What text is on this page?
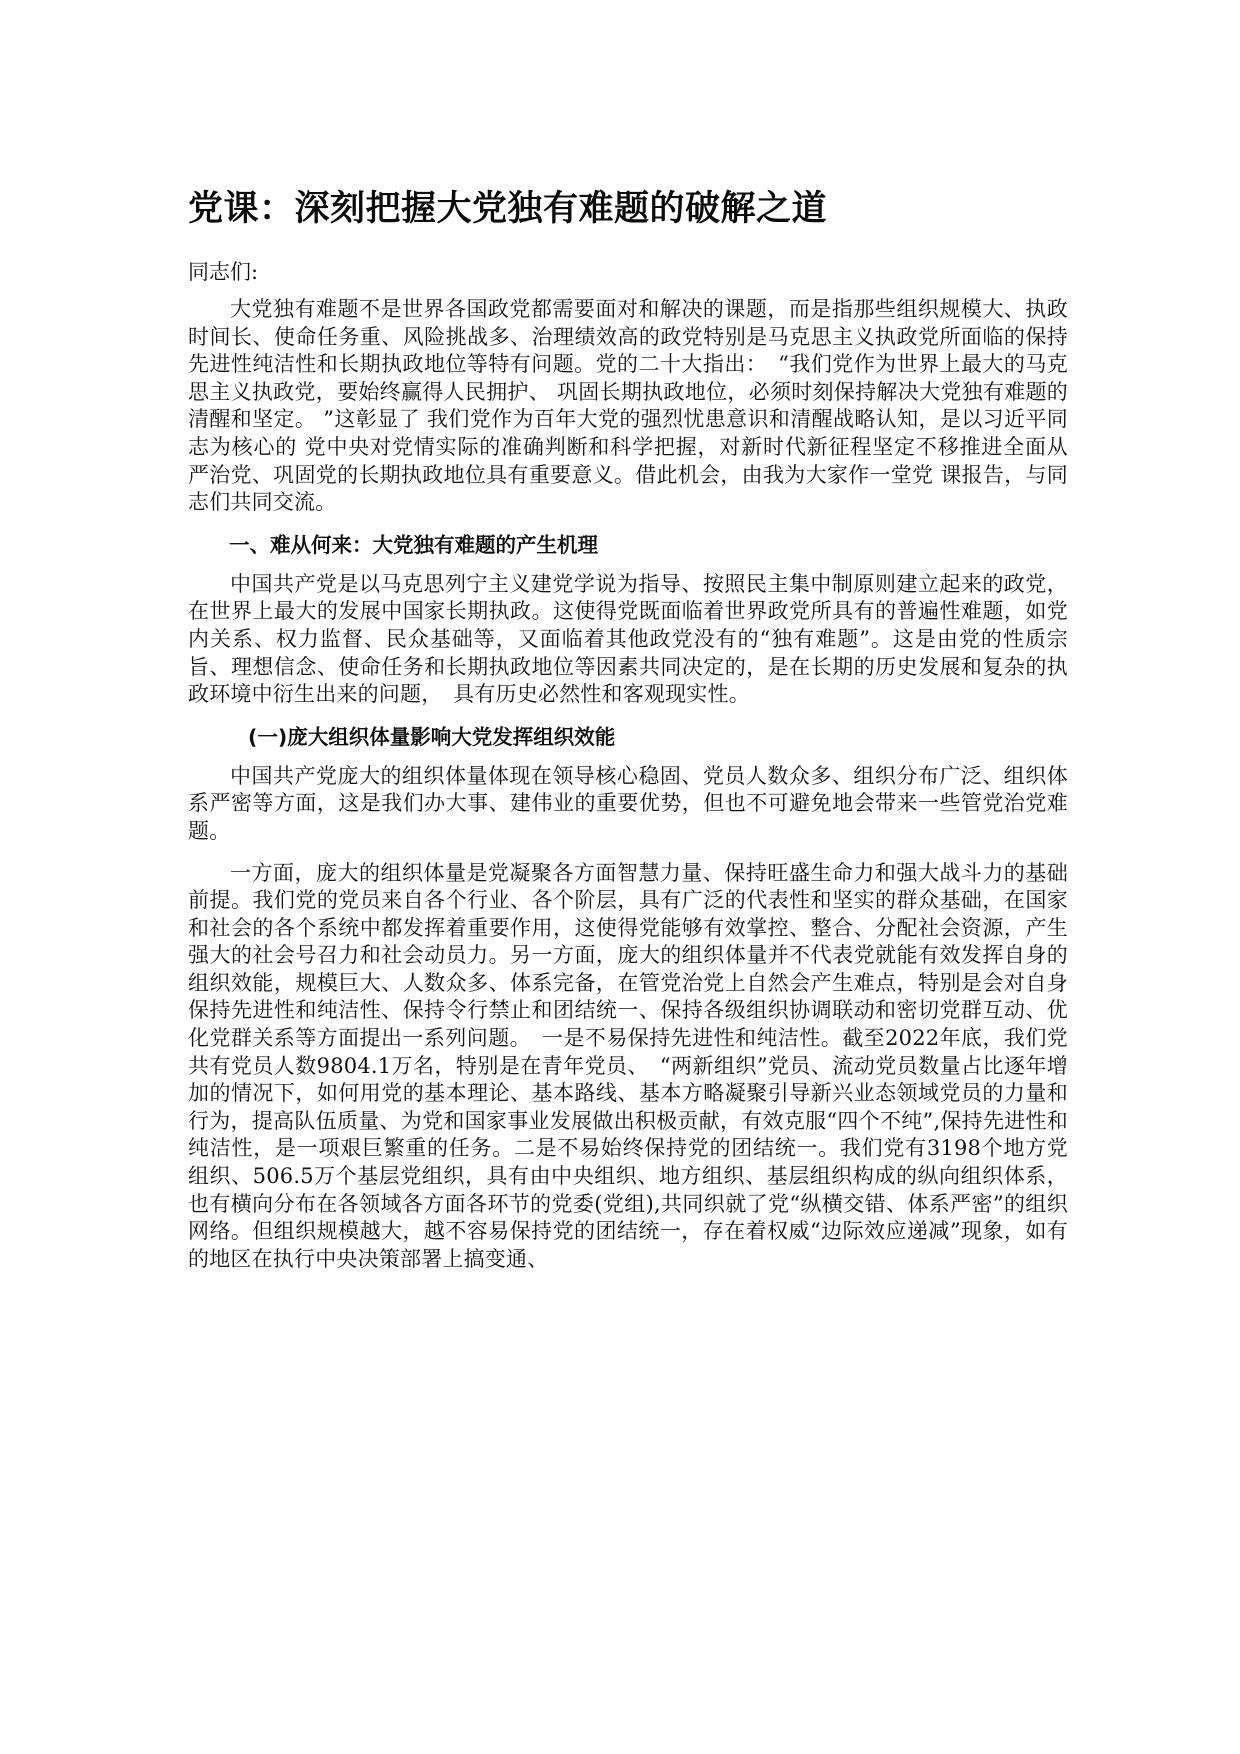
党课：深刻把握大党独有难题的破解之道

同志们:

大党独有难题不是世界各国政党都需要面对和解决的课题，而是指那些组织规模大、执政时间长、使命任务重、风险挑战多、治理绩效高的政党特别是马克思主义执政党所面临的保持先进性纯洁性和长期执政地位等特有问题。党的二十大指出：　“我们党作为世界上最大的马克思主义执政党，要始终赢得人民拥护、 巩固长期执政地位，必须时刻保持解决大党独有难题的清醒和坚定。 ”这彰显了 我们党作为百年大党的强烈忧患意识和清醒战略认知，是以习近平同志为核心的 党中央对党情实际的准确判断和科学把握，对新时代新征程坚定不移推进全面从 严治党、巩固党的长期执政地位具有重要意义。借此机会，由我为大家作一堂党 课报告，与同志们共同交流。

一、难从何来：大党独有难题的产生机理

中国共产党是以马克思列宁主义建党学说为指导、按照民主集中制原则建立起来的政党，在世界上最大的发展中国家长期执政。这使得党既面临着世界政党所具有的普遍性难题，如党内关系、权力监督、民众基础等，又面临着其他政党没有的“独有难题”。这是由党的性质宗旨、理想信念、使命任务和长期执政地位等因素共同决定的，是在长期的历史发展和复杂的执政环境中衍生出来的问题，　具有历史必然性和客观现实性。

(一)庞大组织体量影响大党发挥组织效能

中国共产党庞大的组织体量体现在领导核心稳固、党员人数众多、组织分布广泛、组织体系严密等方面，这是我们办大事、建伟业的重要优势，但也不可避免地会带来一些管党治党难题。

一方面，庞大的组织体量是党凝聚各方面智慧力量、保持旺盛生命力和强大战斗力的基础前提。我们党的党员来自各个行业、各个阶层，具有广泛的代表性和坚实的群众基础，在国家和社会的各个系统中都发挥着重要作用，这使得党能够有效掌控、整合、分配社会资源，产生强大的社会号召力和社会动员力。另一方面，庞大的组织体量并不代表党就能有效发挥自身的组织效能，规模巨大、人数众多、体系完备，在管党治党上自然会产生难点，特别是会对自身保持先进性和纯洁性、保持令行禁止和团结统一、保持各级组织协调联动和密切党群互动、优化党群关系等方面提出一系列问题。　一是不易保持先进性和纯洁性。截至2022年底，我们党共有党员人数9804.1万名，特别是在青年党员、　“两新组织”党员、流动党员数量占比逐年增加的情况下，如何用党的基本理论、基本路线、基本方略凝聚引导新兴业态领域党员的力量和行为，提高队伍质量、为党和国家事业发展做出积极贡献，有效克服“四个不纯”,保持先进性和纯洁性，是一项艰巨繁重的任务。二是不易始终保持党的团结统一。我们党有3198个地方党组织、506.5万个基层党组织，具有由中央组织、地方组织、基层组织构成的纵向组织体系，也有横向分布在各领域各方面各环节的党委(党组),共同织就了党“纵横交错、体系严密”的组织网络。但组织规模越大，越不容易保持党的团结统一，存在着权威“边际效应递减”现象，如有的地区在执行中央决策部署上搞变通、
